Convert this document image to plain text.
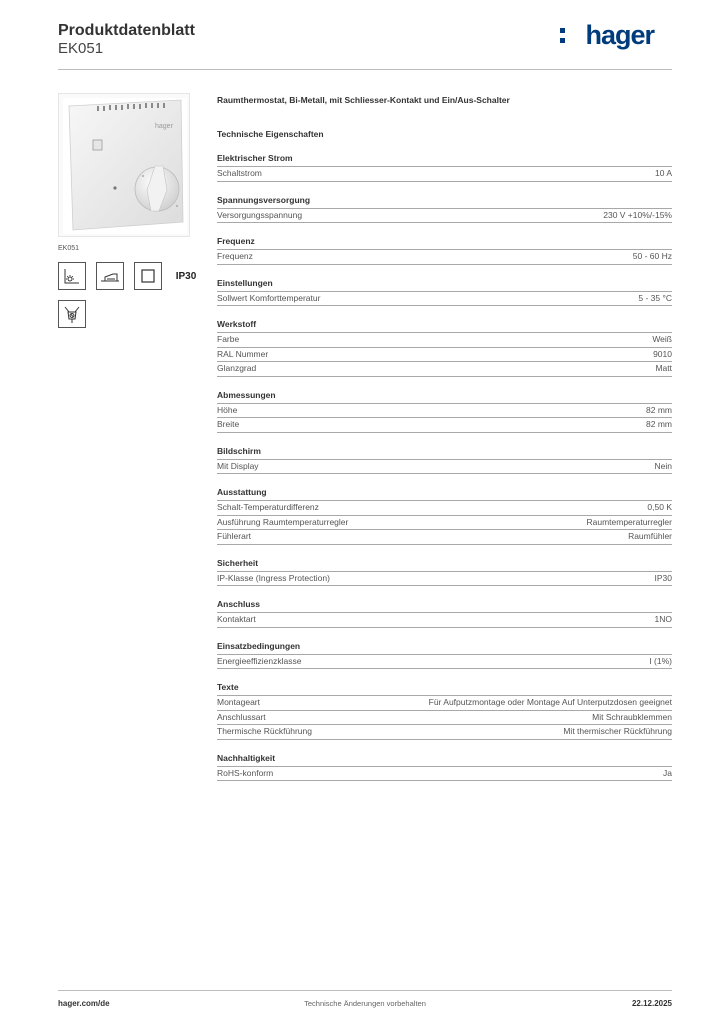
Produktdatenblatt
EK051	hager
hager
EK051
IP30
Raumthermostat, Bi-Metall, mit Schliesser-Kontakt und Ein/Aus-Schalter
Technische Eigenschaften
Elektrischer Strom
Schaltstrom	10 A
Spannungsversorgung
Versorgungsspannung	230 V +10%/-15%
Frequenz
Frequenz	50 - 60 Hz
Einstellungen
Sollwert Komforttemperatur	5 - 35 °C
Werkstoff
Farbe	Weiß
RAL Nummer	9010
Glanzgrad	Matt
Abmessungen
Höhe	82 mm
Breite	82 mm
Bildschirm
Mit Display	Nein
Ausstattung
Schalt-Temperaturdifferenz	0,50 K
Ausführung Raumtemperaturregler	Raumtemperaturregler
Fühlerart	Raumfühler
Sicherheit
IP-Klasse (Ingress Protection)	IP30
Anschluss
Kontaktart	1NO
Einsatzbedingungen
Energieeffizienzklasse	I (1%)
Texte
Montageart	Für Aufputzmontage oder Montage Auf Unterputzdosen geeignet
Anschlussart	Mit Schraubklemmen
Thermische Rückführung	Mit thermischer Rückführung
Nachhaltigkeit
RoHS-konform	Ja
hager.com/de	Technische Änderungen vorbehalten	22.12.2025
